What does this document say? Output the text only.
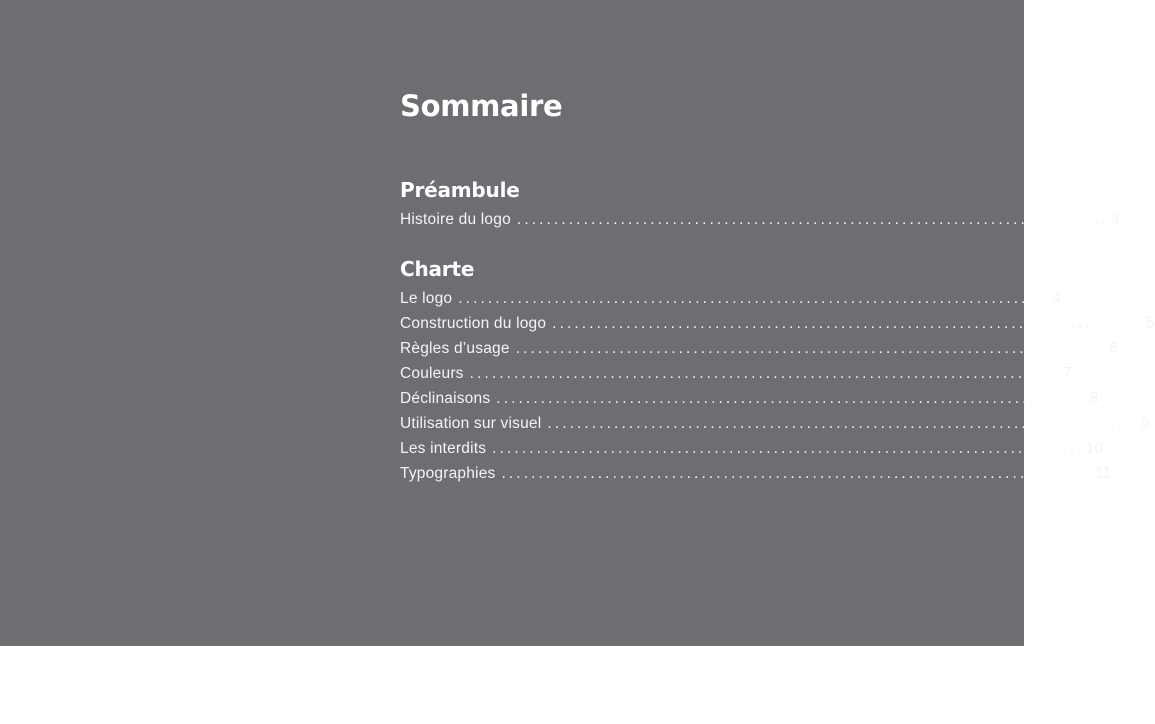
Sommaire
Préambule
Histoire du logo ................................................................................ 3
Charte
Le logo ................................................................................ 4
Construction du logo ................................................................................ 5
Règles d’usage ................................................................................ 6
Couleurs ................................................................................ 7
Déclinaisons ................................................................................ 8
Utilisation sur visuel ................................................................................ 9
Les interdits ................................................................................ 10
Typographies ................................................................................ 11
